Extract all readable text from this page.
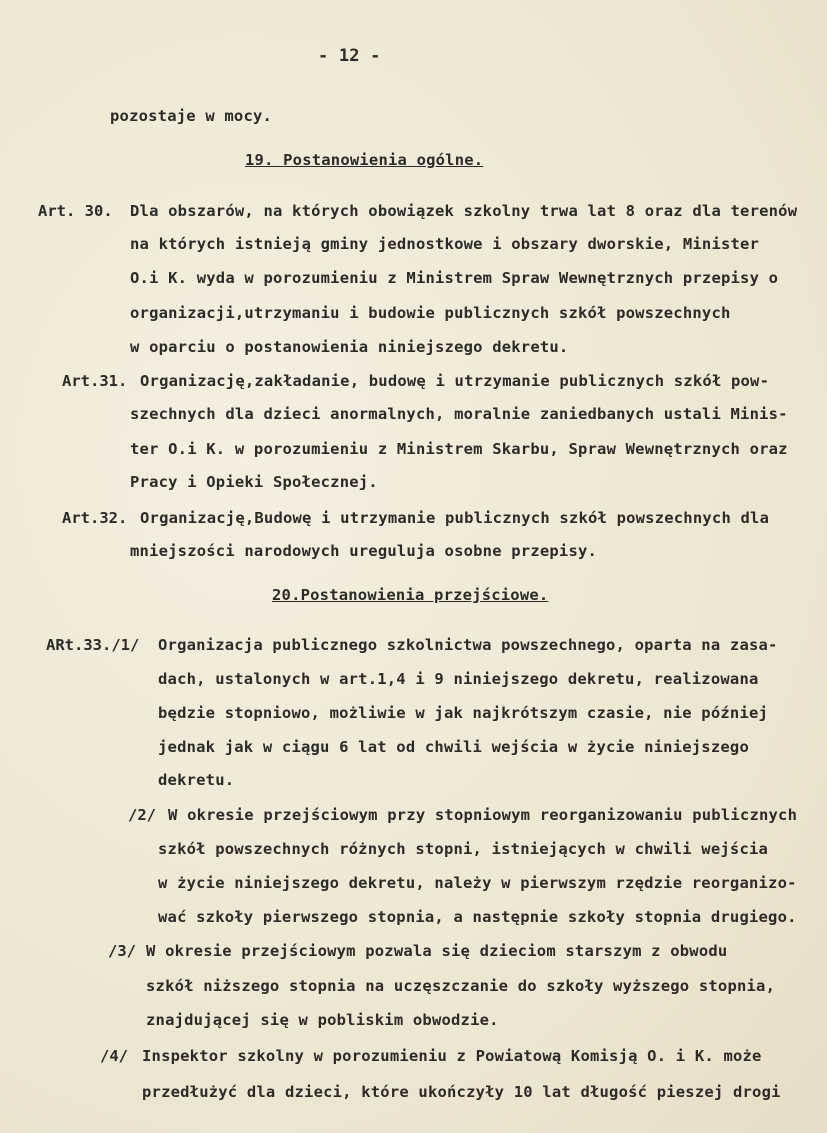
- 12 -
pozostaje w mocy.
19. Postanowienia ogólne.
Art. 30. Dla obszarów, na których obowiązek szkolny trwa lat 8 oraz dla terenów
na których istnieją gminy jednostkowe i obszary dworskie, Minister
O.i K. wyda w porozumieniu z Ministrem Spraw Wewnętrznych przepisy o
organizacji,utrzymaniu i budowie publicznych szkół powszechnych
w oparciu o postanowienia niniejszego dekretu.
Art.31. Organizację,zakładanie, budowę i utrzymanie publicznych szkół pow-
szechnych dla dzieci anormalnych, moralnie zaniedbanych ustali Minis-
ter O.i K. w porozumieniu z Ministrem Skarbu, Spraw Wewnętrznych oraz
Pracy i Opieki Społecznej.
Art.32. Organizację,Budowę i utrzymanie publicznych szkół powszechnych dla
mniejszości narodowych ureguluja osobne przepisy.
20.Postanowienia przejściowe.
ARt.33./1/ Organizacja publicznego szkolnictwa powszechnego, oparta na zasa-
dach, ustalonych w art.1,4 i 9 niniejszego dekretu, realizowana
będzie stopniowo, możliwie w jak najkrótszym czasie, nie później
jednak jak w ciągu 6 lat od chwili wejścia w życie niniejszego
dekretu.
/2/ W okresie przejściowym przy stopniowym reorganizowaniu publicznych
szkół powszechnych różnych stopni, istniejących w chwili wejścia
w życie niniejszego dekretu, należy w pierwszym rzędzie reorganizo-
wać szkoły pierwszego stopnia, a następnie szkoły stopnia drugiego.
/3/ W okresie przejściowym pozwala się dzieciom starszym z obwodu
szkół niższego stopnia na uczęszczanie do szkoły wyższego stopnia,
znajdującej się w pobliskim obwodzie.
/4/ Inspektor szkolny w porozumieniu z Powiatową Komisją O. i K. może
przedłużyć dla dzieci, które ukończyły 10 lat długość pieszej drogi
